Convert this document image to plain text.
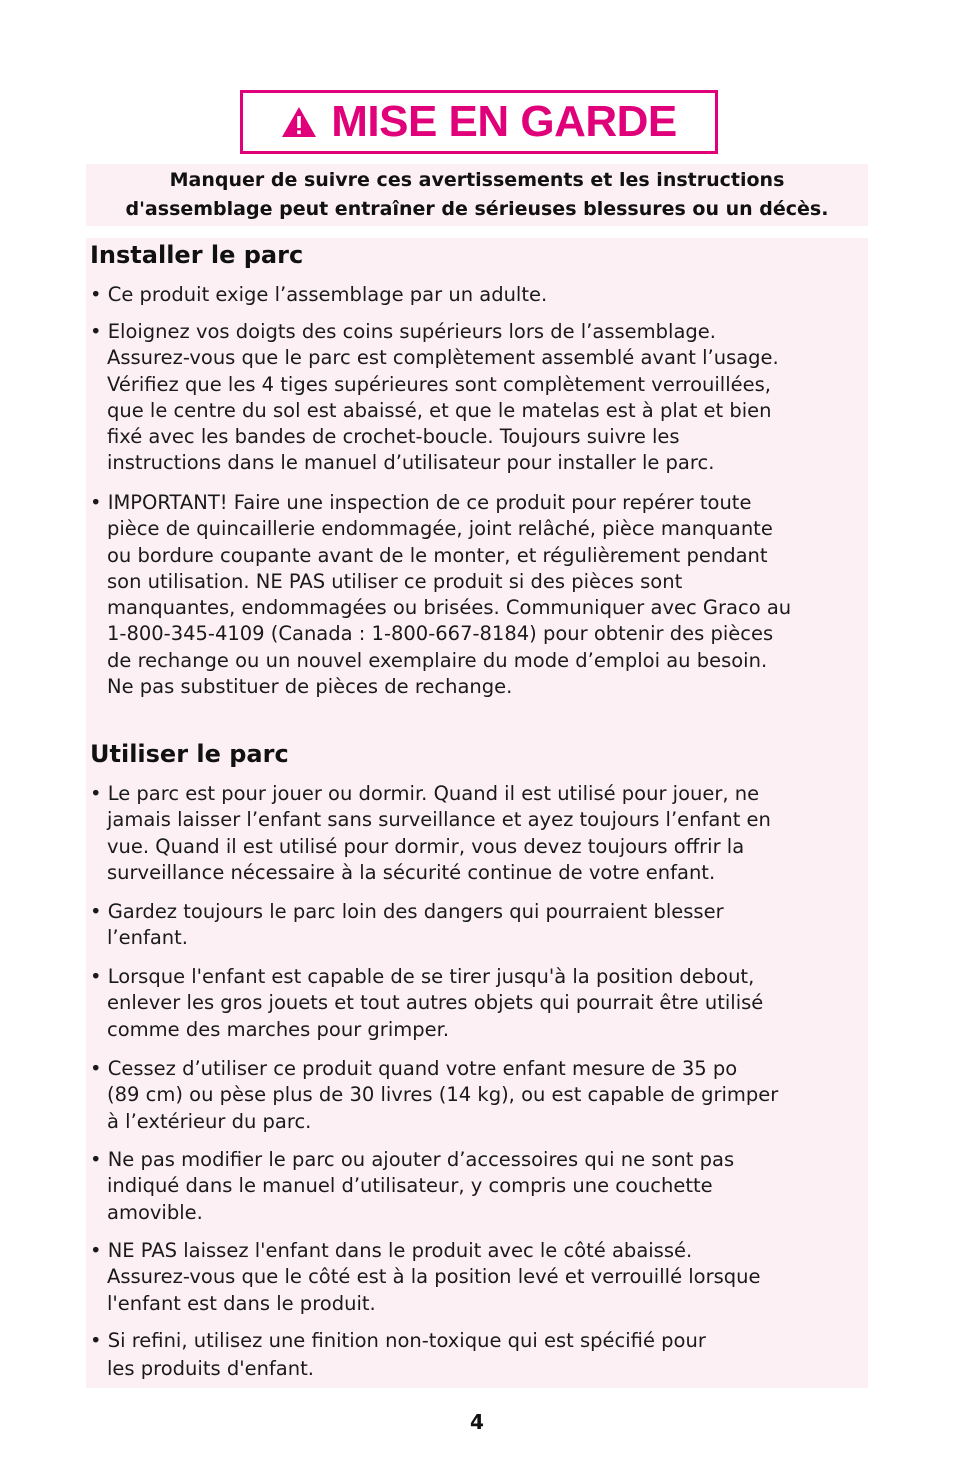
MISE EN GARDE
Manquer de suivre ces avertissements et les instructions
d'assemblage peut entraîner de sérieuses blessures ou un décès.
Installer le parc
• Ce produit exige l’assemblage par un adulte.
• Eloignez vos doigts des coins supérieurs lors de l’assemblage.
Assurez-vous que le parc est complètement assemblé avant l’usage.
Vérifiez que les 4 tiges supérieures sont complètement verrouillées,
que le centre du sol est abaissé, et que le matelas est à plat et bien
fixé avec les bandes de crochet-boucle. Toujours suivre les
instructions dans le manuel d’utilisateur pour installer le parc.
• IMPORTANT! Faire une inspection de ce produit pour repérer toute
pièce de quincaillerie endommagée, joint relâché, pièce manquante
ou bordure coupante avant de le monter, et régulièrement pendant
son utilisation. NE PAS utiliser ce produit si des pièces sont
manquantes, endommagées ou brisées. Communiquer avec Graco au
1-800-345-4109 (Canada : 1-800-667-8184) pour obtenir des pièces
de rechange ou un nouvel exemplaire du mode d’emploi au besoin.
Ne pas substituer de pièces de rechange.
Utiliser le parc
• Le parc est pour jouer ou dormir. Quand il est utilisé pour jouer, ne
jamais laisser l’enfant sans surveillance et ayez toujours l’enfant en
vue. Quand il est utilisé pour dormir, vous devez toujours offrir la
surveillance nécessaire à la sécurité continue de votre enfant.
• Gardez toujours le parc loin des dangers qui pourraient blesser
l’enfant.
• Lorsque l'enfant est capable de se tirer jusqu'à la position debout,
enlever les gros jouets et tout autres objets qui pourrait être utilisé
comme des marches pour grimper.
• Cessez d’utiliser ce produit quand votre enfant mesure de 35 po
(89 cm) ou pèse plus de 30 livres (14 kg), ou est capable de grimper
à l’extérieur du parc.
• Ne pas modifier le parc ou ajouter d’accessoires qui ne sont pas
indiqué dans le manuel d’utilisateur, y compris une couchette
amovible.
• NE PAS laissez l'enfant dans le produit avec le côté abaissé.
Assurez-vous que le côté est à la position levé et verrouillé lorsque
l'enfant est dans le produit.
• Si refini, utilisez une finition non-toxique qui est spécifié pour
les produits d'enfant.
4
